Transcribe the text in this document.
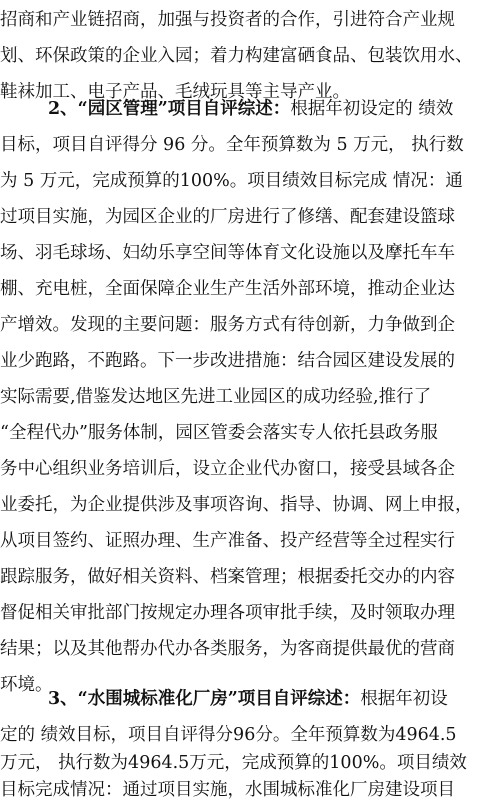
招商和产业链招商，加强与投资者的合作，引进符合产业规
划、环保政策的企业入园；着力构建富硒食品、包装饮用水、
鞋袜加工、电子产品、毛绒玩具等主导产业。
2、“园区管理”项目自评综述：根据年初设定的 绩效
目标，项目自评得分 96 分。全年预算数为 5 万元， 执行数
为 5 万元，完成预算的100%。项目绩效目标完成 情况：通
过项目实施，为园区企业的厂房进行了修缮、配套建设篮球
场、羽毛球场、妇幼乐享空间等体育文化设施以及摩托车车
棚、充电桩，全面保障企业生产生活外部环境，推动企业达
产增效。发现的主要问题：服务方式有待创新，力争做到企
业少跑路，不跑路。下一步改进措施：结合园区建设发展的
实际需要,借鉴发达地区先进工业园区的成功经验,推行了
“全程代办”服务体制，园区管委会落实专人依托县政务服
务中心组织业务培训后，设立企业代办窗口，接受县域各企
业委托，为企业提供涉及事项咨询、指导、协调、网上申报，
从项目签约、证照办理、生产准备、投产经营等全过程实行
跟踪服务，做好相关资料、档案管理；根据委托交办的内容
督促相关审批部门按规定办理各项审批手续，及时领取办理
结果；以及其他帮办代办各类服务，为客商提供最优的营商
环境。
3、“水围城标准化厂房”项目自评综述：根据年初设
定的 绩效目标，项目自评得分96分。全年预算数为4964.5
万元， 执行数为4964.5万元，完成预算的100%。项目绩效
目标完成情况：通过项目实施，水围城标准化厂房建设项目
